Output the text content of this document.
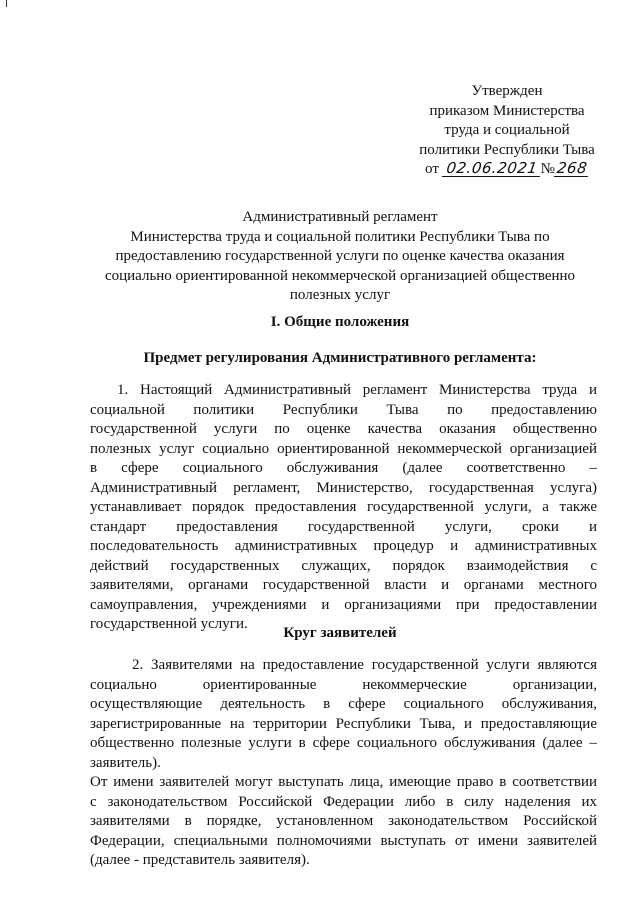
Утвержден
приказом Министерства
труда и социальной
политики Республики Тыва
от 02.06.2021 №268
Административный регламент
Министерства труда и социальной политики Республики Тыва по
предоставлению государственной услуги по оценке качества оказания
социально ориентированной некоммерческой организацией общественно
полезных услуг
I. Общие положения
Предмет регулирования Административного регламента:
1. Настоящий Административный регламент Министерства труда и
социальной политики Республики Тыва по предоставлению
государственной услуги по оценке качества оказания общественно
полезных услуг социально ориентированной некоммерческой организацией
в сфере социального обслуживания (далее соответственно –
Административный регламент, Министерство, государственная услуга)
устанавливает порядок предоставления государственной услуги, а также
стандарт предоставления государственной услуги, сроки и
последовательность административных процедур и административных
действий государственных служащих, порядок взаимодействия с
заявителями, органами государственной власти и органами местного
самоуправления, учреждениями и организациями при предоставлении
государственной услуги.
Круг заявителей
2. Заявителями на предоставление государственной услуги являются
социально ориентированные некоммерческие организации,
осуществляющие деятельность в сфере социального обслуживания,
зарегистрированные на территории Республики Тыва, и предоставляющие
общественно полезные услуги в сфере социального обслуживания (далее –
заявитель).
От имени заявителей могут выступать лица, имеющие право в соответствии
с законодательством Российской Федерации либо в силу наделения их
заявителями в порядке, установленном законодательством Российской
Федерации, специальными полномочиями выступать от имени заявителей
(далее - представитель заявителя).
